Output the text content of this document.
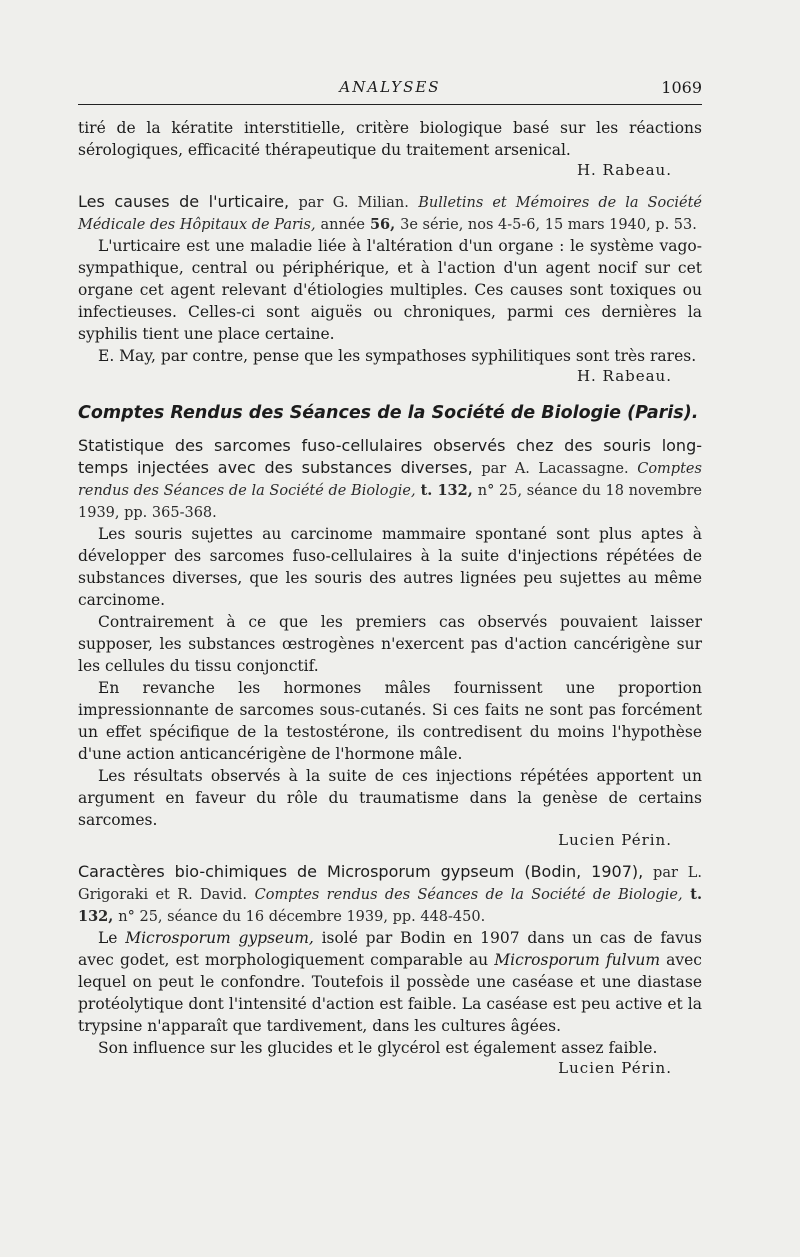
ANALYSES	1069

tiré de la kératite interstitielle, critère biologique basé sur les réactions sérologiques, efficacité thérapeutique du traitement arsenical.

H. Rabeau.
Les causes de l'urticaire, par G. Milian. Bulletins et Mémoires de la Société Médicale des Hôpitaux de Paris, année 56, 3e série, nos 4-5-6, 15 mars 1940, p. 53.

L'urticaire est une maladie liée à l'altération d'un organe : le système vago-sympathique, central ou périphérique, et à l'action d'un agent nocif sur cet organe cet agent relevant d'étiologies multiples. Ces causes sont toxiques ou infectieuses. Celles-ci sont aiguës ou chroniques, parmi ces dernières la syphilis tient une place certaine.

E. May, par contre, pense que les sympathoses syphilitiques sont très rares.

H. Rabeau.
Comptes Rendus des Séances de la Société de Biologie (Paris).
Statistique des sarcomes fuso-cellulaires observés chez des souris long-temps injectées avec des substances diverses, par A. Lacassagne. Comptes rendus des Séances de la Société de Biologie, t. 132, n° 25, séance du 18 novembre 1939, pp. 365-368.

Les souris sujettes au carcinome mammaire spontané sont plus aptes à développer des sarcomes fuso-cellulaires à la suite d'injections répétées de substances diverses, que les souris des autres lignées peu sujettes au même carcinome.

Contrairement à ce que les premiers cas observés pouvaient laisser supposer, les substances œstrogènes n'exercent pas d'action cancérigène sur les cellules du tissu conjonctif.

En revanche les hormones mâles fournissent une proportion impressionnante de sarcomes sous-cutanés. Si ces faits ne sont pas forcément un effet spécifique de la testostérone, ils contredisent du moins l'hypothèse d'une action anticancérigène de l'hormone mâle.

Les résultats observés à la suite de ces injections répétées apportent un argument en faveur du rôle du traumatisme dans la genèse de certains sarcomes.

Lucien Périn.
Caractères bio-chimiques de Microsporum gypseum (Bodin, 1907), par L. Grigoraki et R. David. Comptes rendus des Séances de la Société de Biologie, t. 132, n° 25, séance du 16 décembre 1939, pp. 448-450.

Le Microsporum gypseum, isolé par Bodin en 1907 dans un cas de favus avec godet, est morphologiquement comparable au Microsporum fulvum avec lequel on peut le confondre. Toutefois il possède une caséase et une diastase protéolytique dont l'intensité d'action est faible. La caséase est peu active et la trypsine n'apparaît que tardivement, dans les cultures âgées.

Son influence sur les glucides et le glycérol est également assez faible.

Lucien Périn.
